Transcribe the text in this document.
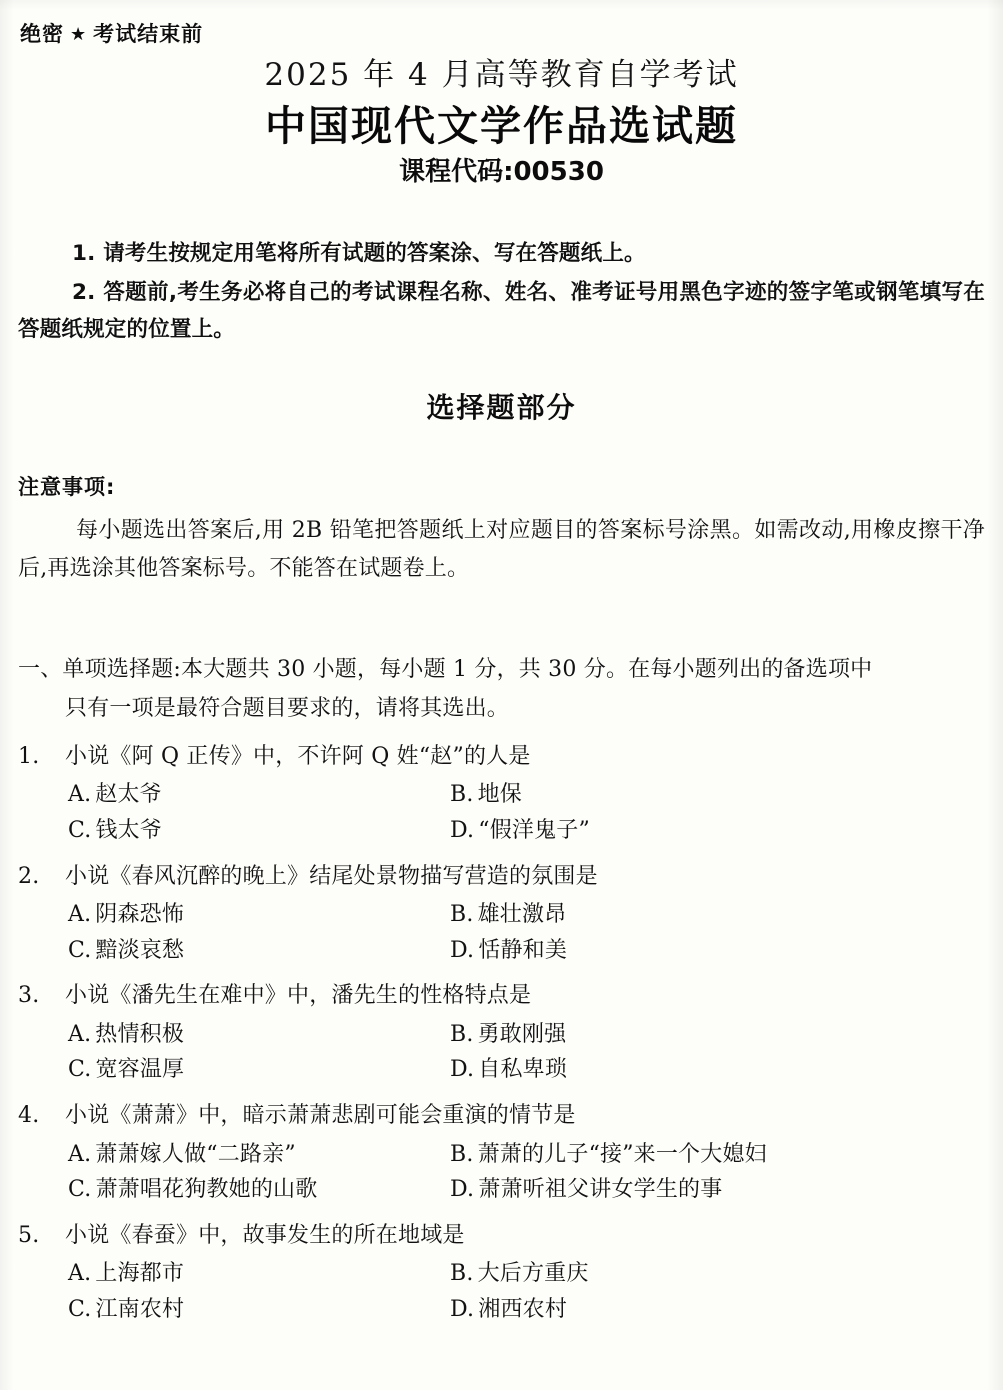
绝密 ★ 考试结束前
2025 年 4 月高等教育自学考试
中国现代文学作品选试题
课程代码:00530

1. 请考生按规定用笔将所有试题的答案涂、写在答题纸上。

2. 答题前,考生务必将自己的考试课程名称、姓名、准考证号用黑色字迹的签字笔或钢笔填写在答题纸规定的位置上。

选择题部分
注意事项:
每小题选出答案后,用 2B 铅笔把答题纸上对应题目的答案标号涂黑。如需改动,用橡皮擦干净后,再选涂其他答案标号。不能答在试题卷上。
一、单项选择题:本大题共 30 小题，每小题 1 分，共 30 分。在每小题列出的备选项中
只有一项是最符合题目要求的，请将其选出。
1.	小说《阿 Q 正传》中，不许阿 Q 姓“赵”的人是
A. 赵太爷	B. 地保
C. 钱太爷	D. “假洋鬼子”
2.	小说《春风沉醉的晚上》结尾处景物描写营造的氛围是
A. 阴森恐怖	B. 雄壮激昂
C. 黯淡哀愁	D. 恬静和美
3.	小说《潘先生在难中》中，潘先生的性格特点是
A. 热情积极	B. 勇敢刚强
C. 宽容温厚	D. 自私卑琐
4.	小说《萧萧》中，暗示萧萧悲剧可能会重演的情节是
A. 萧萧嫁人做“二路亲”	B. 萧萧的儿子“接”来一个大媳妇
C. 萧萧唱花狗教她的山歌	D. 萧萧听祖父讲女学生的事
5.	小说《春蚕》中，故事发生的所在地域是
A. 上海都市	B. 大后方重庆
C. 江南农村	D. 湘西农村
